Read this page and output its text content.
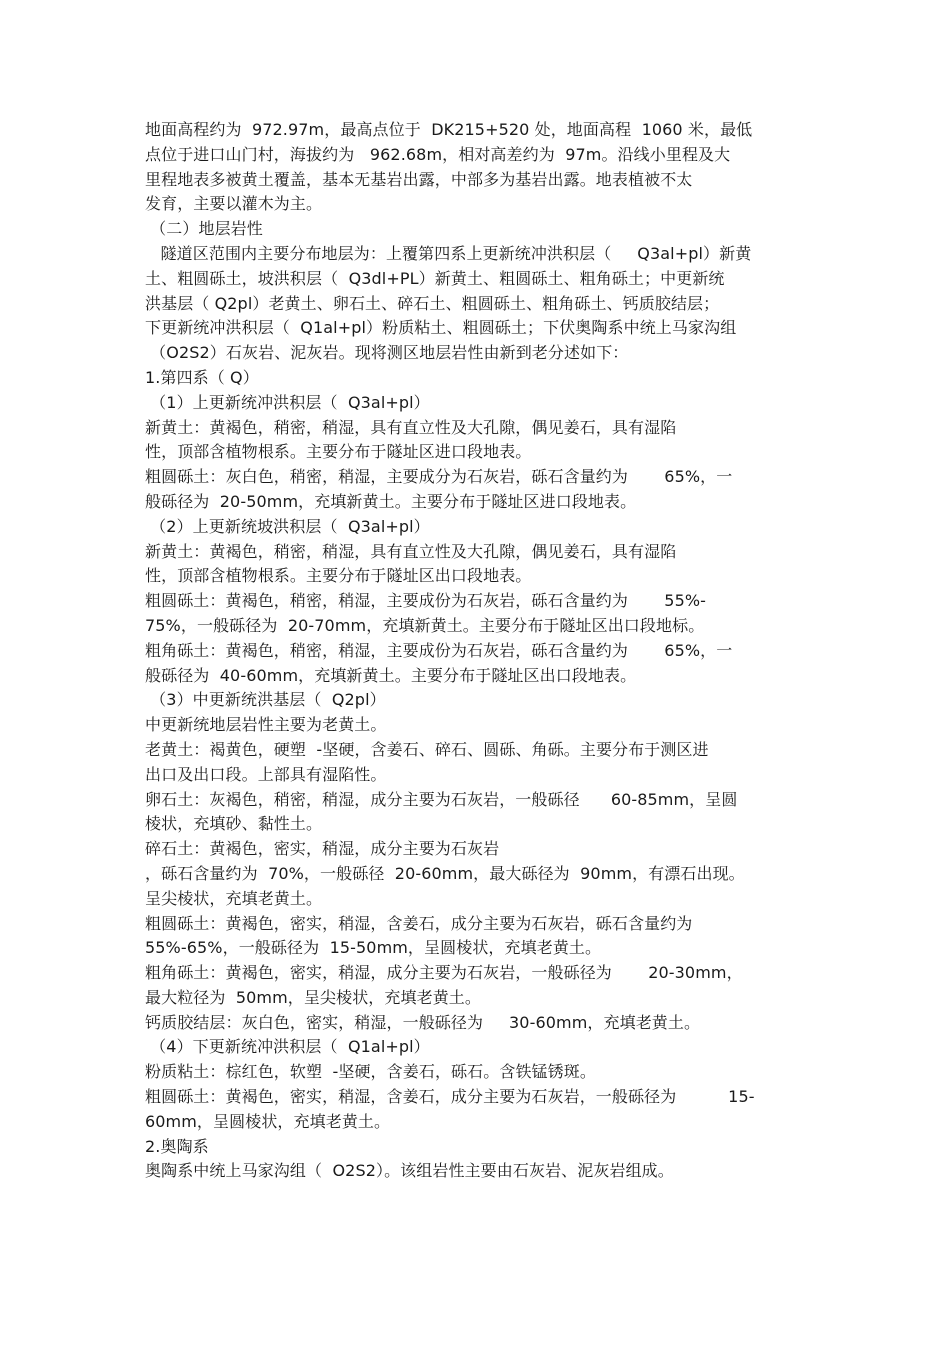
地面高程约为  972.97m，最高点位于  DK215+520 处，地面高程  1060 米，最低
点位于进口山门村，海拔约为   962.68m，相对高差约为  97m。沿线小里程及大
里程地表多被黄土覆盖，基本无基岩出露，中部多为基岩出露。地表植被不太
发育，主要以灌木为主。
（二）地层岩性
隧道区范围内主要分布地层为：上覆第四系上更新统冲洪积层（     Q3al+pl）新黄
土、粗圆砾土，坡洪积层（  Q3dl+PL）新黄土、粗圆砾土、粗角砾土；中更新统
洪基层（ Q2pl）老黄土、卵石土、碎石土、粗圆砾土、粗角砾土、钙质胶结层；
下更新统冲洪积层（  Q1al+pl）粉质粘土、粗圆砾土；下伏奥陶系中统上马家沟组
（O2S2）石灰岩、泥灰岩。现将测区地层岩性由新到老分述如下：
1.第四系（ Q）
（1）上更新统冲洪积层（  Q3al+pl）
新黄土：黄褐色，稍密，稍湿，具有直立性及大孔隙，偶见姜石，具有湿陷
性，顶部含植物根系。主要分布于隧址区进口段地表。
粗圆砾土：灰白色，稍密，稍湿，主要成分为石灰岩，砾石含量约为       65%，一
般砾径为  20-50mm，充填新黄土。主要分布于隧址区进口段地表。
（2）上更新统坡洪积层（  Q3al+pl）
新黄土：黄褐色，稍密，稍湿，具有直立性及大孔隙，偶见姜石，具有湿陷
性，顶部含植物根系。主要分布于隧址区出口段地表。
粗圆砾土：黄褐色，稍密，稍湿，主要成份为石灰岩，砾石含量约为       55%-
75%，一般砾径为  20-70mm，充填新黄土。主要分布于隧址区出口段地标。
粗角砾土：黄褐色，稍密，稍湿，主要成份为石灰岩，砾石含量约为       65%，一
般砾径为  40-60mm，充填新黄土。主要分布于隧址区出口段地表。
（3）中更新统洪基层（  Q2pl）
中更新统地层岩性主要为老黄土。
老黄土：褐黄色，硬塑  -坚硬，含姜石、碎石、圆砾、角砾。主要分布于测区进
出口及出口段。上部具有湿陷性。
卵石土：灰褐色，稍密，稍湿，成分主要为石灰岩，一般砾径      60-85mm，呈圆
棱状，充填砂、黏性土。
碎石土：黄褐色，密实，稍湿，成分主要为石灰岩
，砾石含量约为  70%，一般砾径  20-60mm，最大砾径为  90mm，有漂石出现。
呈尖棱状，充填老黄土。
粗圆砾土：黄褐色，密实，稍湿，含姜石，成分主要为石灰岩，砾石含量约为
55%-65%，一般砾径为  15-50mm，呈圆棱状，充填老黄土。
粗角砾土：黄褐色，密实，稍湿，成分主要为石灰岩，一般砾径为       20-30mm，
最大粒径为  50mm，呈尖棱状，充填老黄土。
钙质胶结层：灰白色，密实，稍湿，一般砾径为     30-60mm，充填老黄土。
（4）下更新统冲洪积层（  Q1al+pl）
粉质粘土：棕红色，软塑  -坚硬，含姜石，砾石。含铁锰锈斑。
粗圆砾土：黄褐色，密实，稍湿，含姜石，成分主要为石灰岩，一般砾径为          15-
60mm，呈圆棱状，充填老黄土。
2.奥陶系
奥陶系中统上马家沟组（  O2S2）。该组岩性主要由石灰岩、泥灰岩组成。
